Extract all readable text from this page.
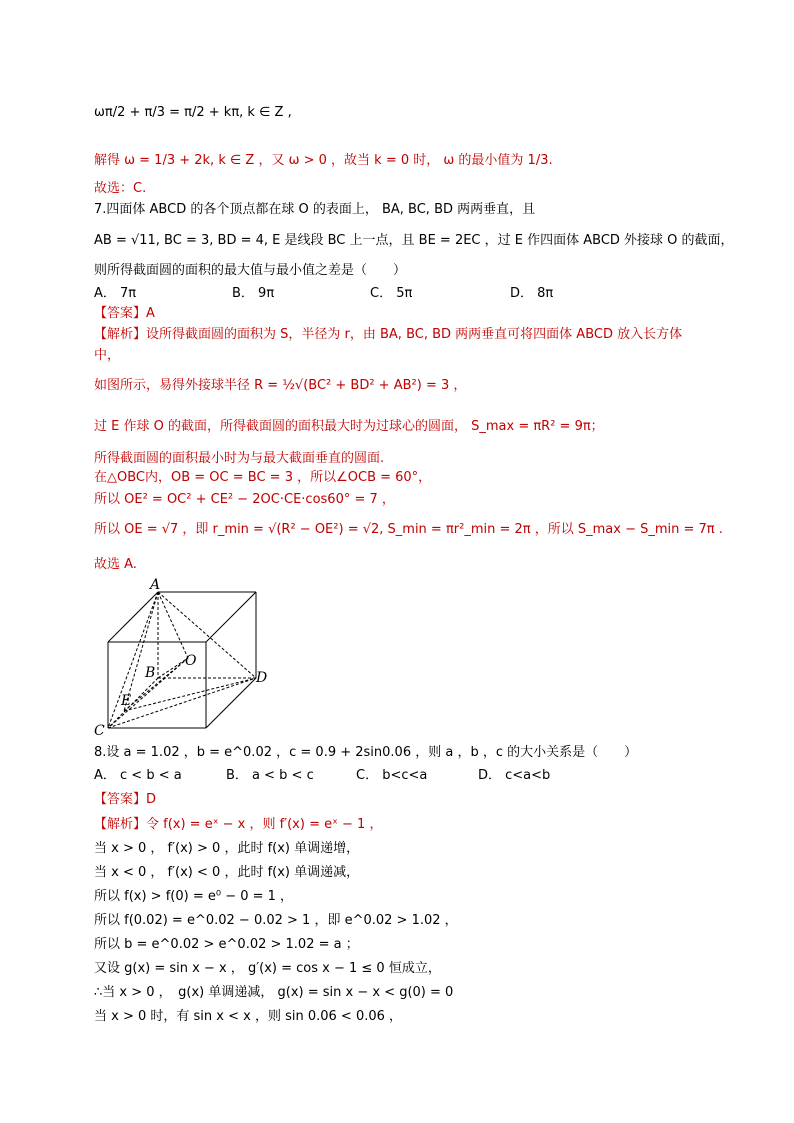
ωπ/2 + π/3 = π/2 + kπ, k ∈ Z ,
解得 ω = 1/3 + 2k, k ∈ Z ，又 ω > 0 ，故当 k = 0 时， ω 的最小值为 1/3.
故选：C.
7.四面体 ABCD 的各个顶点都在球 O 的表面上， BA, BC, BD 两两垂直，且
AB = √11, BC = 3, BD = 4, E 是线段 BC 上一点，且 BE = 2EC ，过 E 作四面体 ABCD 外接球 O 的截面，
则所得截面圆的面积的最大值与最小值之差是（　　）
A． 7π	B． 9π	C． 5π	D． 8π
【答案】A
【解析】设所得截面圆的面积为 S，半径为 r，由 BA, BC, BD 两两垂直可将四面体 ABCD 放入长方体
中，
如图所示，易得外接球半径 R = ½√(BC² + BD² + AB²) = 3 ，
过 E 作球 O 的截面，所得截面圆的面积最大时为过球心的圆面， S_max = πR² = 9π；
所得截面圆的面积最小时为与最大截面垂直的圆面.
在△OBC内，OB = OC = BC = 3 ，所以∠OCB = 60°，
所以 OE² = OC² + CE² − 2OC·CE·cos60° = 7 ，
所以 OE = √7 ，即 r_min = √(R² − OE²) = √2, S_min = πr²_min = 2π ，所以 S_max − S_min = 7π .
故选 A.
A
B
O
D
E
C
8.设 a = 1.02 ，b = e^0.02 ，c = 0.9 + 2sin0.06 ，则 a ，b ，c 的大小关系是（　　）
A． c < b < a	B． a < b < c	C． b<c<a	D． c<a<b
【答案】D
【解析】令 f(x) = eˣ − x ，则 f′(x) = eˣ − 1 ，
当 x > 0 ， f′(x) > 0 ，此时 f(x) 单调递增，
当 x < 0 ， f′(x) < 0 ，此时 f(x) 单调递减，
所以 f(x) > f(0) = e⁰ − 0 = 1 ，
所以 f(0.02) = e^0.02 − 0.02 > 1 ，即 e^0.02 > 1.02 ，
所以 b = e^0.02 > e^0.02 > 1.02 = a ；
又设 g(x) = sin x − x ， g′(x) = cos x − 1 ≤ 0 恒成立，
∴当 x > 0 ，　g(x) 单调递减， g(x) = sin x − x < g(0) = 0
当 x > 0 时，有 sin x < x ，则 sin 0.06 < 0.06 ，
